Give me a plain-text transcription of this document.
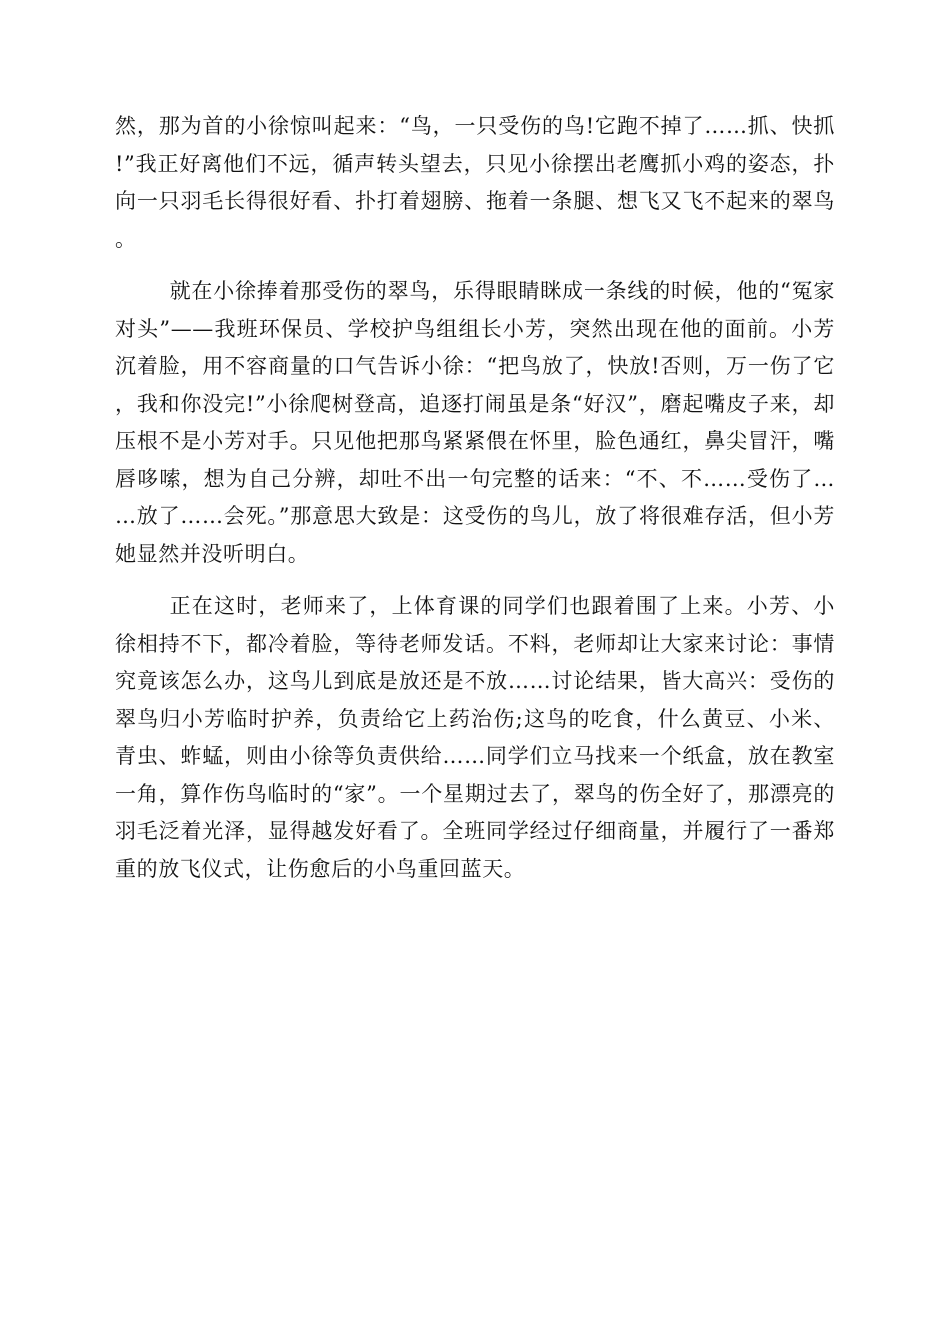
然，那为首的小徐惊叫起来：“鸟，一只受伤的鸟!它跑不掉了……抓、快抓!”我正好离他们不远，循声转头望去，只见小徐摆出老鹰抓小鸡的姿态，扑向一只羽毛长得很好看、扑打着翅膀、拖着一条腿、想飞又飞不起来的翠鸟。

就在小徐捧着那受伤的翠鸟，乐得眼睛眯成一条线的时候，他的“冤家对头”——我班环保员、学校护鸟组组长小芳，突然出现在他的面前。小芳沉着脸，用不容商量的口气告诉小徐：“把鸟放了，快放!否则，万一伤了它，我和你没完!”小徐爬树登高，追逐打闹虽是条“好汉”，磨起嘴皮子来，却压根不是小芳对手。只见他把那鸟紧紧偎在怀里，脸色通红，鼻尖冒汗，嘴唇哆嗦，想为自己分辨，却吐不出一句完整的话来：“不、不……受伤了……放了……会死。”那意思大致是：这受伤的鸟儿，放了将很难存活，但小芳她显然并没听明白。

正在这时，老师来了，上体育课的同学们也跟着围了上来。小芳、小徐相持不下，都冷着脸，等待老师发话。不料，老师却让大家来讨论：事情究竟该怎么办，这鸟儿到底是放还是不放……讨论结果，皆大高兴：受伤的翠鸟归小芳临时护养，负责给它上药治伤;这鸟的吃食，什么黄豆、小米、青虫、蚱蜢，则由小徐等负责供给……同学们立马找来一个纸盒，放在教室一角，算作伤鸟临时的“家”。一个星期过去了，翠鸟的伤全好了，那漂亮的羽毛泛着光泽，显得越发好看了。全班同学经过仔细商量，并履行了一番郑重的放飞仪式，让伤愈后的小鸟重回蓝天。
